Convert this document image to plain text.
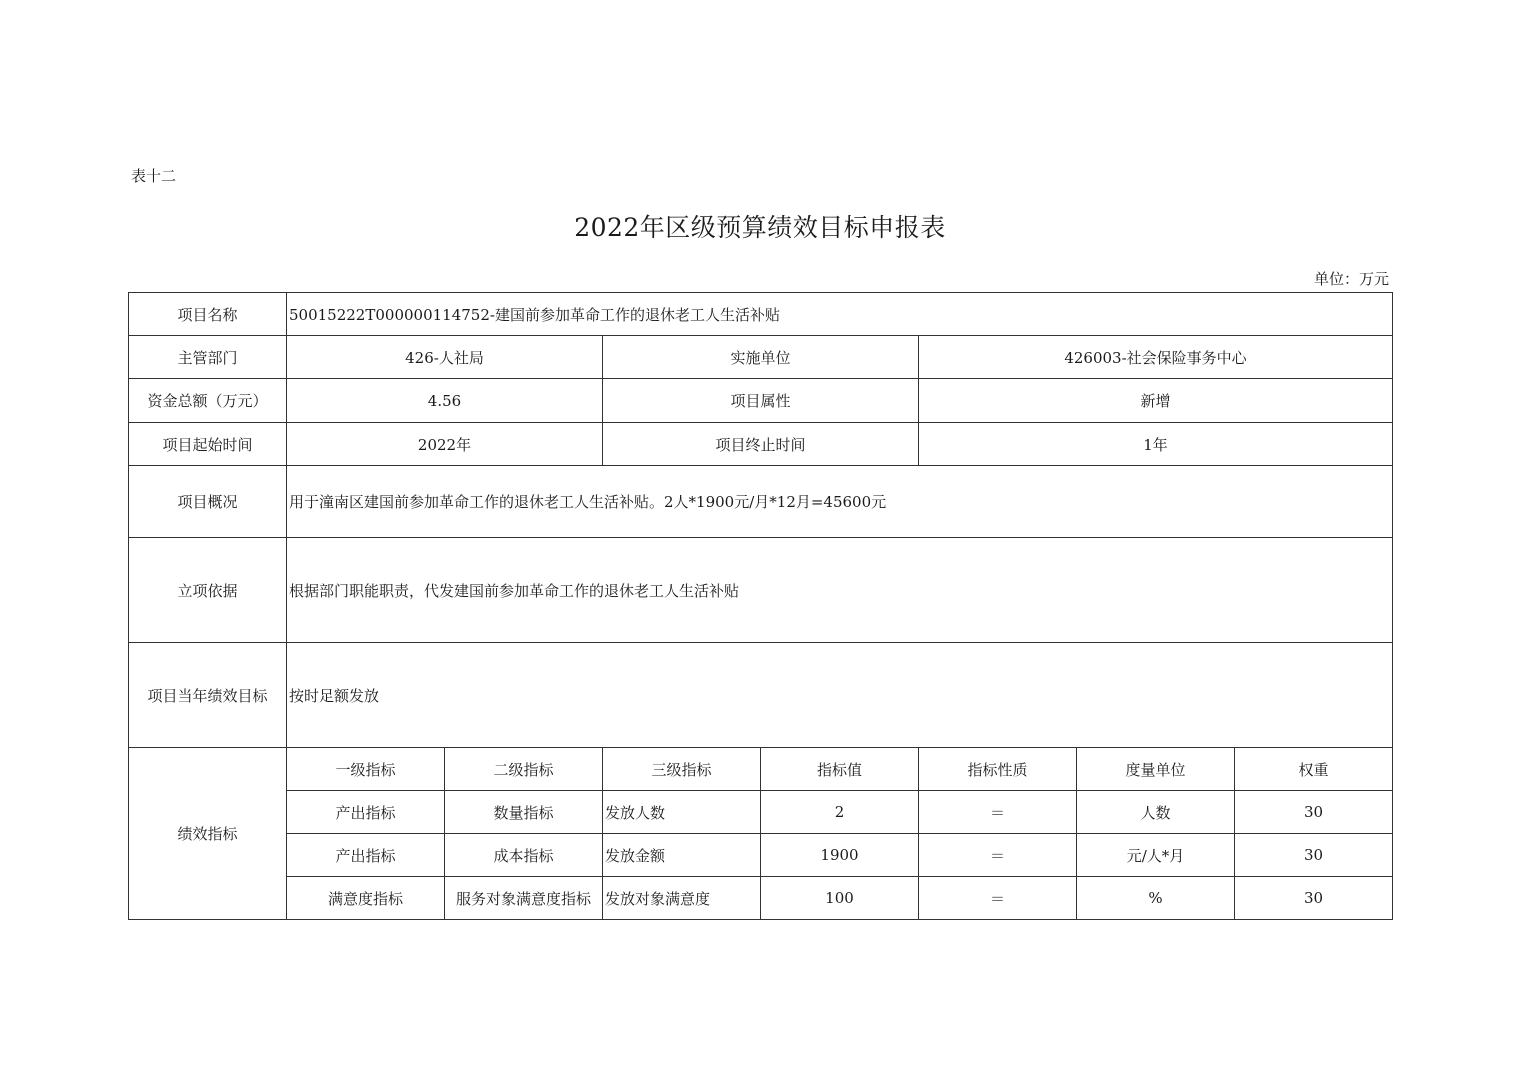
表十二
2022年区级预算绩效目标申报表
单位：万元
项目名称	50015222T000000114752-建国前参加革命工作的退休老工人生活补贴						
主管部门	426-人社局		实施单位		426003-社会保险事务中心		
资金总额（万元）	4.56		项目属性		新增		
项目起始时间	2022年		项目终止时间		1年		
项目概况	用于潼南区建国前参加革命工作的退休老工人生活补贴。2人*1900元/月*12月=45600元						
立项依据	根据部门职能职责，代发建国前参加革命工作的退休老工人生活补贴						
项目当年绩效目标	按时足额发放						
绩效指标	一级指标	二级指标	三级指标	指标值	指标性质	度量单位	权重
	产出指标	数量指标	发放人数	2	＝	人数	30
	产出指标	成本指标	发放金额	1900	＝	元/人*月	30
	满意度指标	服务对象满意度指标	发放对象满意度	100	＝	%	30
